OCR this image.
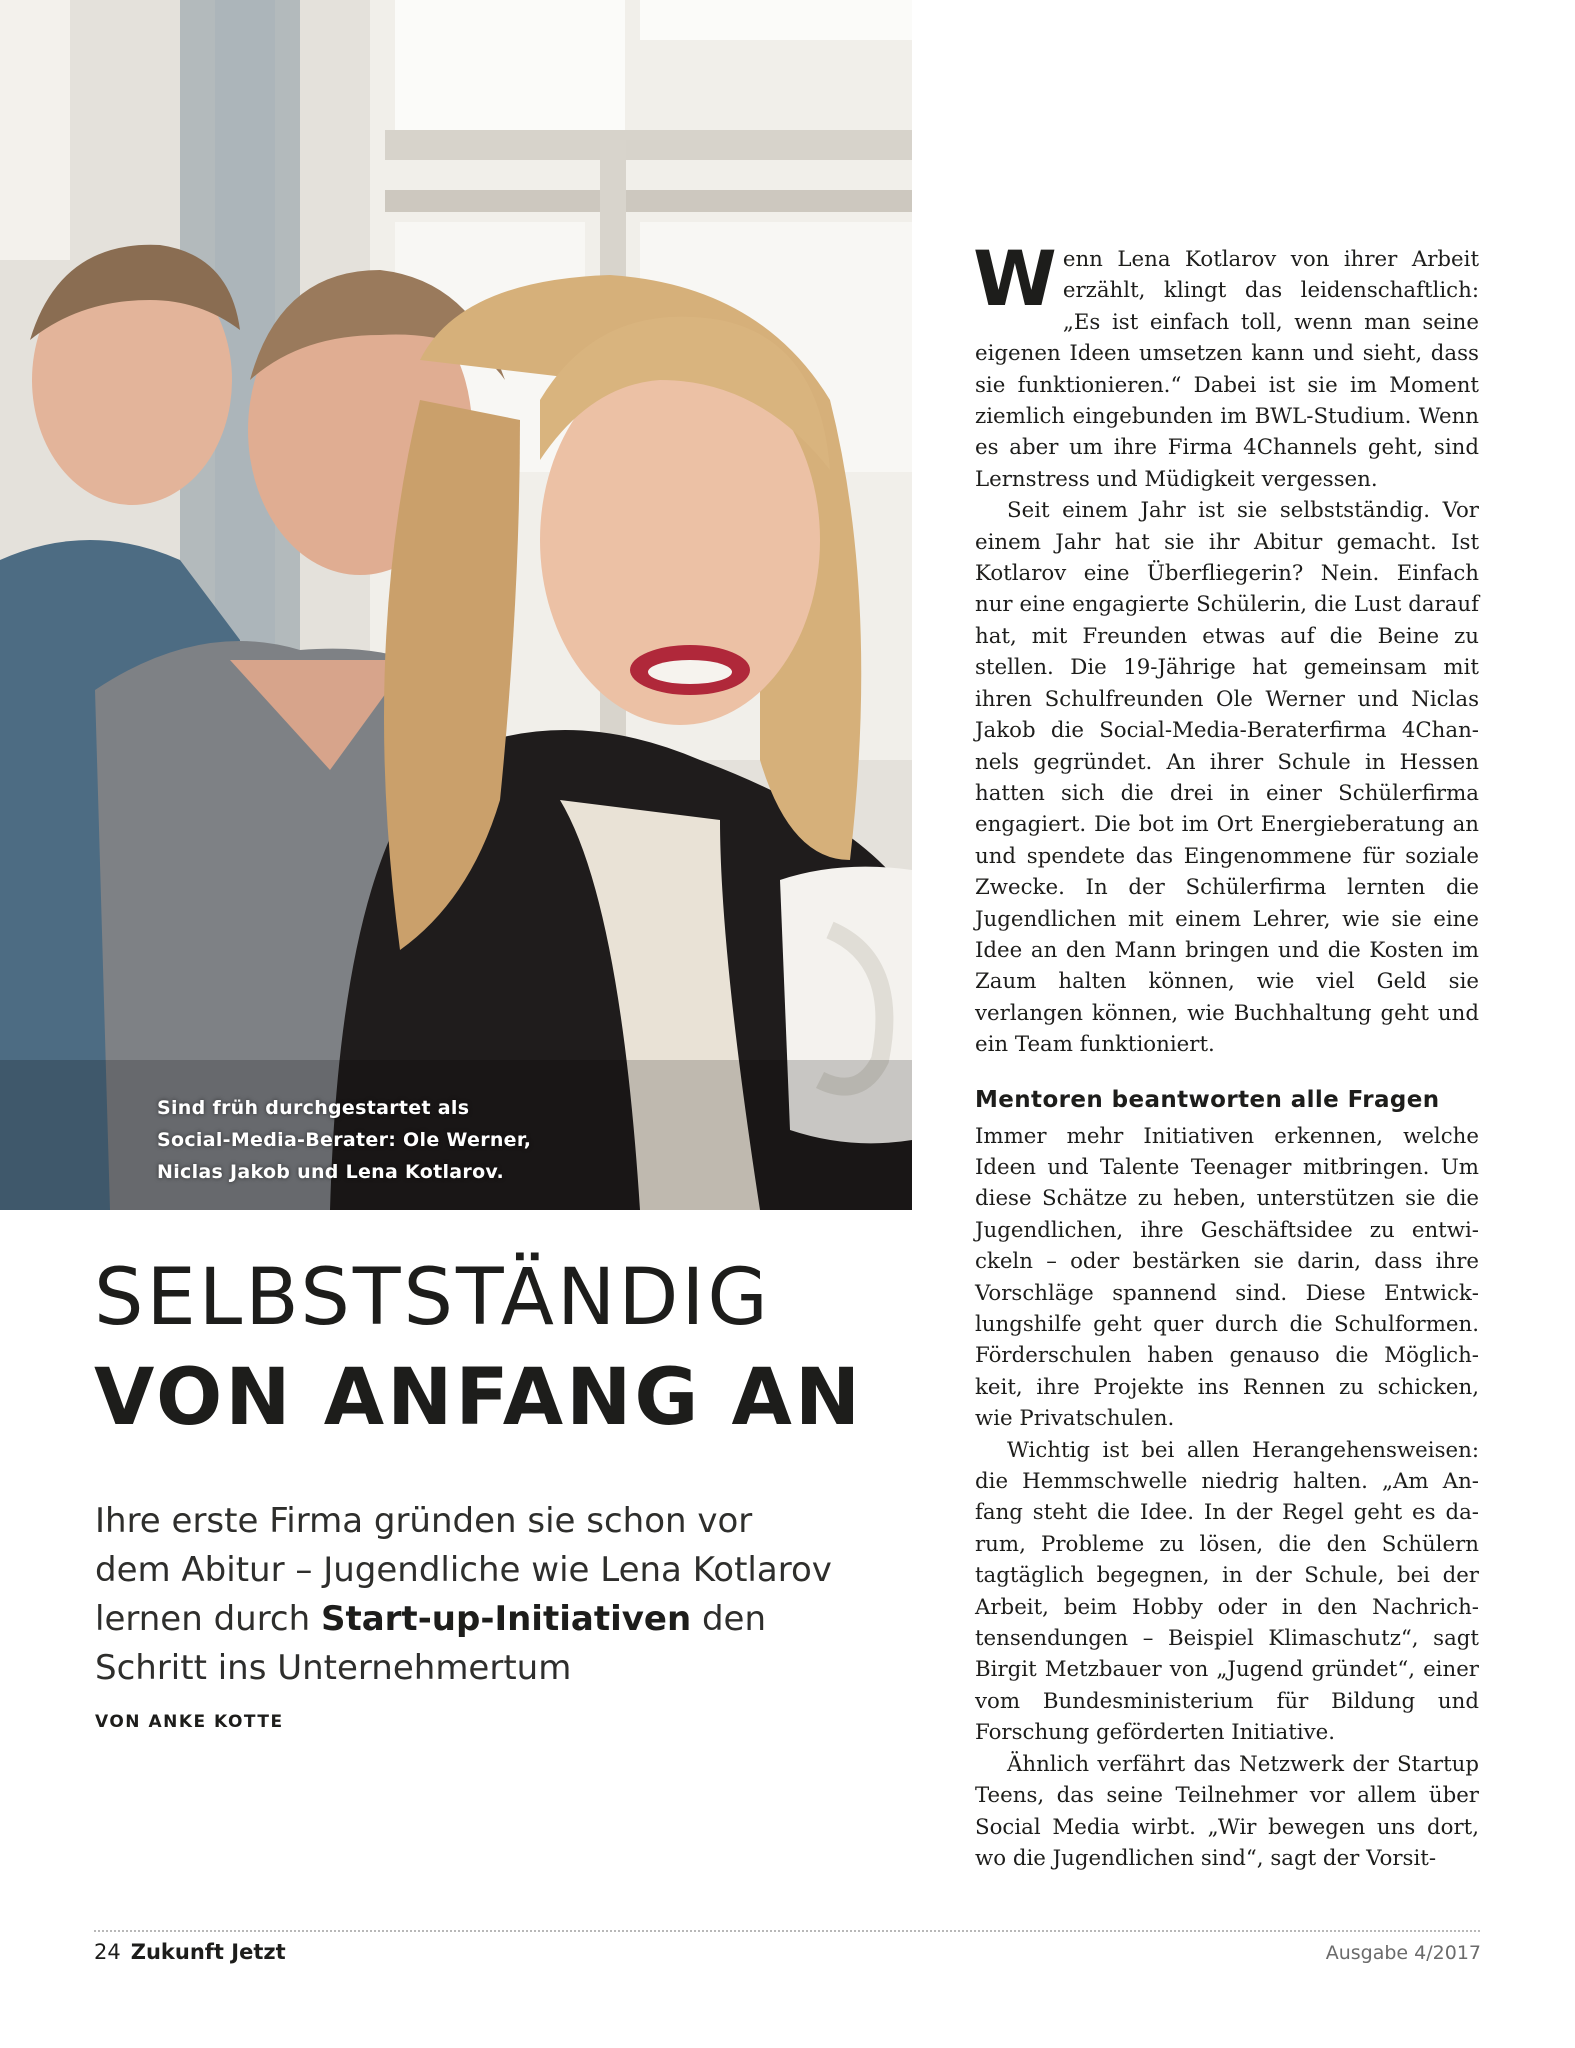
Sind früh durchgestartet als
Social-Media-Berater: Ole Werner,
Niclas Jakob und Lena Kotlarov.
SELBSTSTÄNDIG
VON ANFANG AN
Ihre erste Firma gründen sie schon vor
dem Abitur – Jugendliche wie Lena Kotlarov
lernen durch Start-up-Initiativen den
Schritt ins Unternehmertum
VON ANKE KOTTE

Wenn Lena Kotlarov von ihrer Arbeit erzählt, klingt das leidenschaftlich: „Es ist einfach toll, wenn man seine eigenen Ideen umsetzen kann und sieht, dass sie funktionieren.“ Dabei ist sie im Moment ziemlich eingebunden im BWL-Studium. Wenn es aber um ihre Firma 4Channels geht, sind Lernstress und Müdigkeit vergessen.

Seit einem Jahr ist sie selbstständig. Vor einem Jahr hat sie ihr Abitur gemacht. Ist Kotlarov eine Überfliegerin? Nein. Einfach nur eine engagierte Schülerin, die Lust darauf hat, mit Freunden etwas auf die Beine zu stellen. Die 19-Jährige hat gemeinsam mit ihren Schulfreunden Ole Werner und Niclas Jakob die Social-Media-Beraterfirma 4Channels gegründet. An ihrer Schule in Hessen hatten sich die drei in einer Schülerfirma engagiert. Die bot im Ort Energieberatung an und spendete das Eingenommene für soziale Zwecke. In der Schülerfirma lernten die Jugendlichen mit einem Lehrer, wie sie eine Idee an den Mann bringen und die Kosten im Zaum halten können, wie viel Geld sie verlangen können, wie Buchhaltung geht und ein Team funktioniert.

Mentoren beantworten alle Fragen

Immer mehr Initiativen erkennen, welche Ideen und Talente Teenager mitbringen. Um diese Schätze zu heben, unterstützen sie die Jugendlichen, ihre Geschäftsidee zu entwickeln – oder bestärken sie darin, dass ihre Vorschläge spannend sind. Diese Entwicklungshilfe geht quer durch die Schulformen. Förderschulen haben genauso die Möglichkeit, ihre Projekte ins Rennen zu schicken, wie Privatschulen.

Wichtig ist bei allen Herangehensweisen: die Hemmschwelle niedrig halten. „Am Anfang steht die Idee. In der Regel geht es darum, Probleme zu lösen, die den Schülern tagtäglich begegnen, in der Schule, bei der Arbeit, beim Hobby oder in den Nachrichtensendungen – Beispiel Klimaschutz“, sagt Birgit Metzbauer von „Jugend gründet“, einer vom Bundesministerium für Bildung und Forschung geförderten Initiative.

Ähnlich verfährt das Netzwerk der Startup Teens, das seine Teilnehmer vor allem über Social Media wirbt. „Wir bewegen uns dort, wo die Jugendlichen sind“, sagt der Vorsit-

24 Zukunft Jetzt	Ausgabe 4/2017
